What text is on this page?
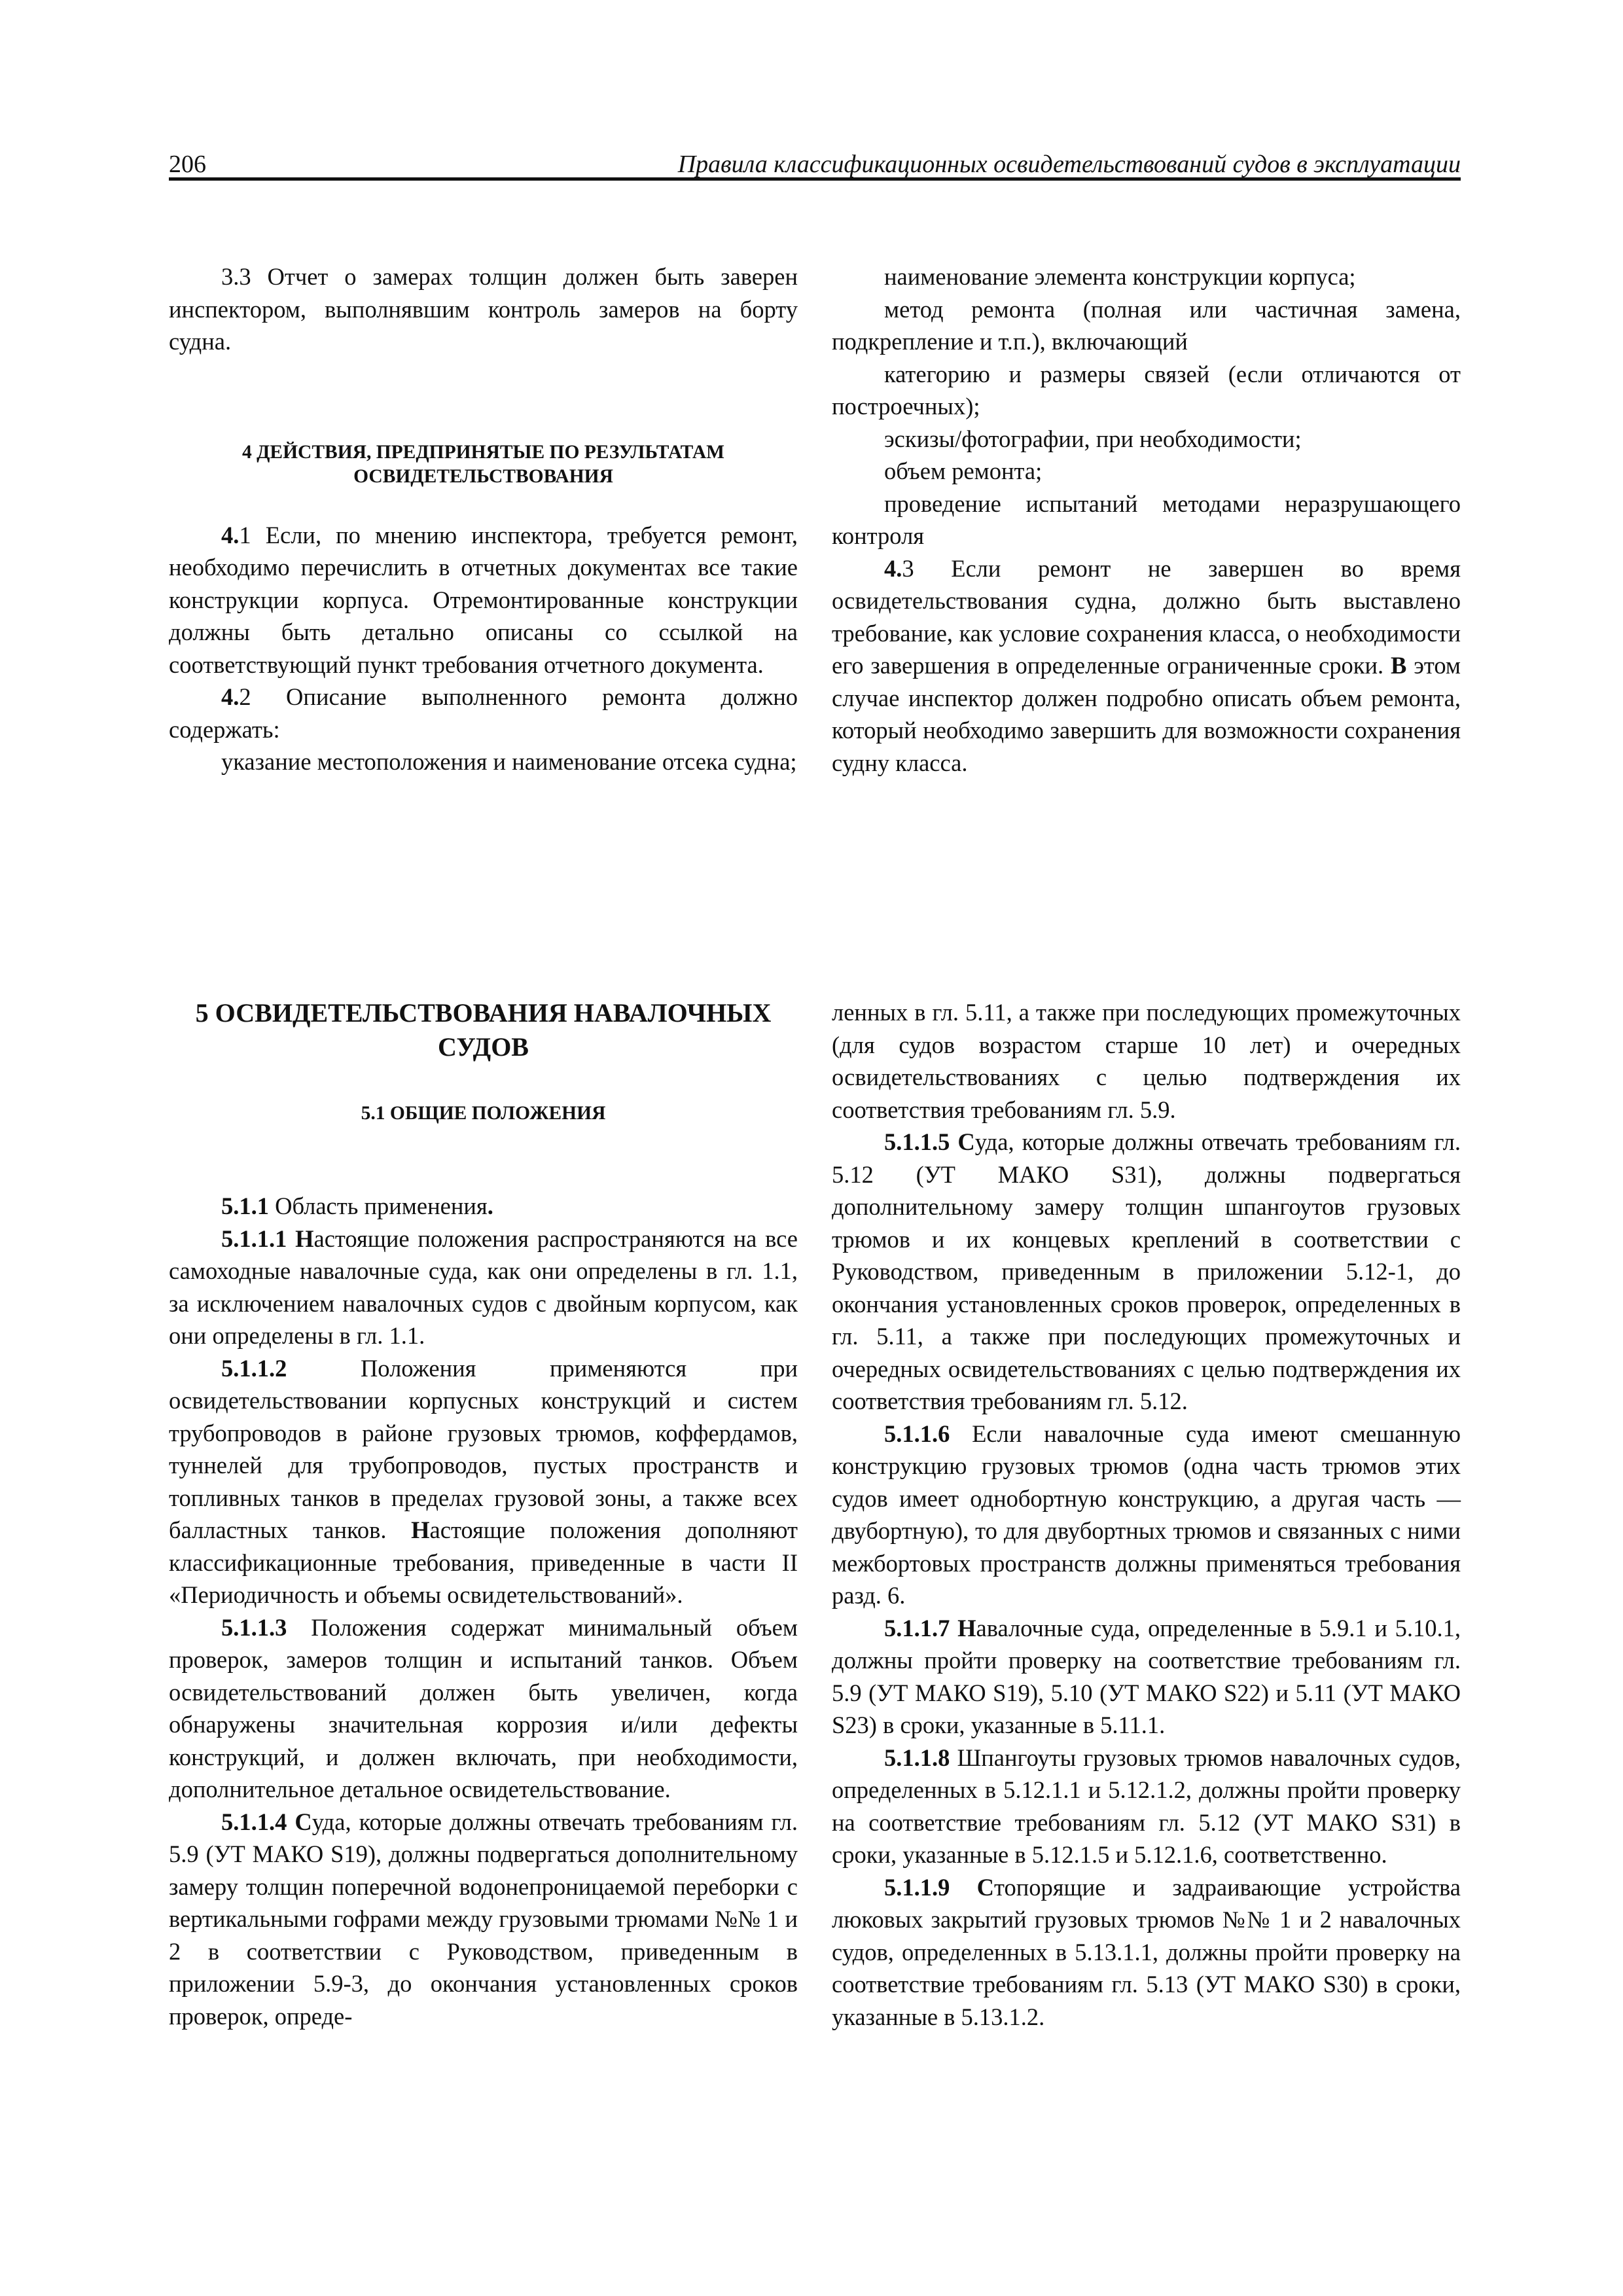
206	Правила классификационных освидетельствований судов в эксплуатации

3.3 Отчет о замерах толщин должен быть заверен инспектором, выполнявшим контроль замеров на борту судна.

4 ДЕЙСТВИЯ, ПРЕДПРИНЯТЫЕ ПО РЕЗУЛЬТАТАМ ОСВИДЕТЕЛЬСТВОВАНИЯ

4.1 Если, по мнению инспектора, требуется ремонт, необходимо перечислить в отчетных документах все такие конструкции корпуса. Отремонтированные конструкции должны быть детально описаны со ссылкой на соответствующий пункт требования отчетного документа.

4.2 Описание выполненного ремонта должно содержать:

указание местоположения и наименование отсека судна;

наименование элемента конструкции корпуса;

метод ремонта (полная или частичная замена, подкрепление и т.п.), включающий

категорию и размеры связей (если отличаются от построечных);

эскизы/фотографии, при необходимости;

объем ремонта;

проведение испытаний методами неразрушающего контроля

4.3 Если ремонт не завершен во время освидетельствования судна, должно быть выставлено требование, как условие сохранения класса, о необходимости его завершения в определенные ограниченные сроки. В этом случае инспектор должен подробно описать объем ремонта, который необходимо завершить для возможности сохранения судну класса.

5 ОСВИДЕТЕЛЬСТВОВАНИЯ НАВАЛОЧНЫХ СУДОВ
5.1 ОБЩИЕ ПОЛОЖЕНИЯ

5.1.1 Область применения.

5.1.1.1 Настоящие положения распространяются на все самоходные навалочные суда, как они определены в гл. 1.1, за исключением навалочных судов с двойным корпусом, как они определены в гл. 1.1.

5.1.1.2 Положения применяются при освидетельствовании корпусных конструкций и систем трубопроводов в районе грузовых трюмов, коффердамов, туннелей для трубопроводов, пустых пространств и топливных танков в пределах грузовой зоны, а также всех балластных танков. Настоящие положения дополняют классификационные требования, приведенные в части II «Периодичность и объемы освидетельствований».

5.1.1.3 Положения содержат минимальный объем проверок, замеров толщин и испытаний танков. Объем освидетельствований должен быть увеличен, когда обнаружены значительная коррозия и/или дефекты конструкций, и должен включать, при необходимости, дополнительное детальное освидетельствование.

5.1.1.4 Суда, которые должны отвечать требованиям гл. 5.9 (УТ МАКО S19), должны подвергаться дополнительному замеру толщин поперечной водонепроницаемой переборки с вертикальными гофрами между грузовыми трюмами №№ 1 и 2 в соответствии с Руководством, приведенным в приложении 5.9-3, до окончания установленных сроков проверок, опреде-

ленных в гл. 5.11, а также при последующих промежуточных (для судов возрастом старше 10 лет) и очередных освидетельствованиях с целью подтверждения их соответствия требованиям гл. 5.9.

5.1.1.5 Суда, которые должны отвечать требованиям гл. 5.12 (УТ МАКО S31), должны подвергаться дополнительному замеру толщин шпангоутов грузовых трюмов и их концевых креплений в соответствии с Руководством, приведенным в приложении 5.12-1, до окончания установленных сроков проверок, определенных в гл. 5.11, а также при последующих промежуточных и очередных освидетельствованиях с целью подтверждения их соответствия требованиям гл. 5.12.

5.1.1.6 Если навалочные суда имеют смешанную конструкцию грузовых трюмов (одна часть трюмов этих судов имеет однобортную конструкцию, а другая часть — двубортную), то для двубортных трюмов и связанных с ними межбортовых пространств должны применяться требования разд. 6.

5.1.1.7 Навалочные суда, определенные в 5.9.1 и 5.10.1, должны пройти проверку на соответствие требованиям гл. 5.9 (УТ МАКО S19), 5.10 (УТ МАКО S22) и 5.11 (УТ МАКО S23) в сроки, указанные в 5.11.1.

5.1.1.8 Шпангоуты грузовых трюмов навалочных судов, определенных в 5.12.1.1 и 5.12.1.2, должны пройти проверку на соответствие требованиям гл. 5.12 (УТ МАКО S31) в сроки, указанные в 5.12.1.5 и 5.12.1.6, соответственно.

5.1.1.9 Стопорящие и задраивающие устройства люковых закрытий грузовых трюмов №№ 1 и 2 навалочных судов, определенных в 5.13.1.1, должны пройти проверку на соответствие требованиям гл. 5.13 (УТ МАКО S30) в сроки, указанные в 5.13.1.2.
